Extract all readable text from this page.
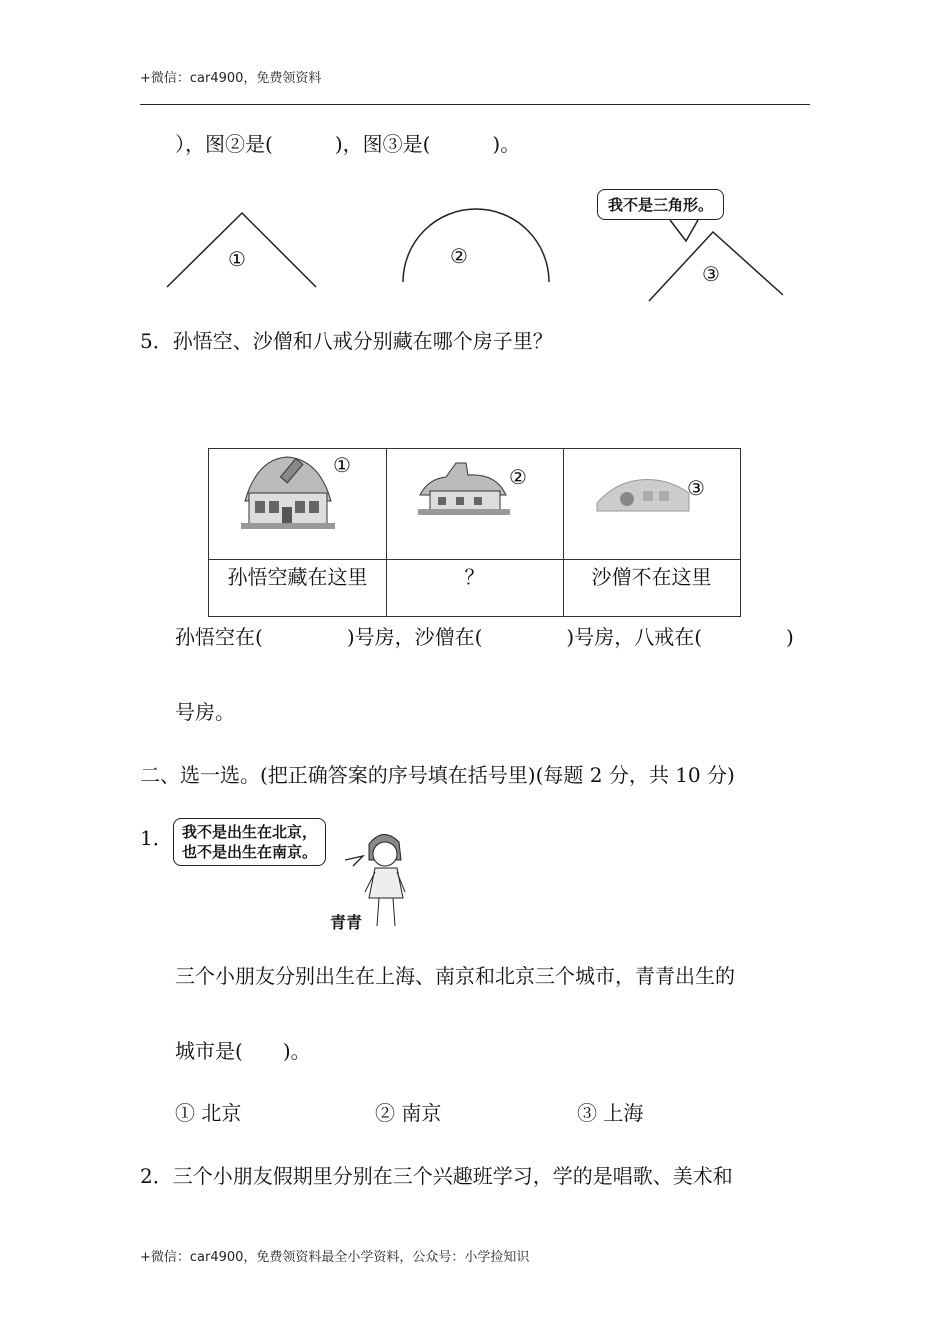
+微信：car4900，免费领资料
），图②是(	)，图③是(	)。
①	②
③
我不是三角形。
5．孙悟空、沙僧和八戒分别藏在哪个房子里？
①	②	③
孙悟空藏在这里	？	沙僧不在这里
孙悟空在(	)号房，沙僧在(	)号房，八戒在(	)
号房。
二、选一选。(把正确答案的序号填在括号里)(每题 2 分，共 10 分)
1． 我不是出生在北京，
也不是出生在南京。
青青
三个小朋友分别出生在上海、南京和北京三个城市，青青出生的
城市是( )。
① 北京	② 南京	③ 上海
2．三个小朋友假期里分别在三个兴趣班学习，学的是唱歌、美术和
+微信：car4900，免费领资料最全小学资料，公众号：小学捡知识
